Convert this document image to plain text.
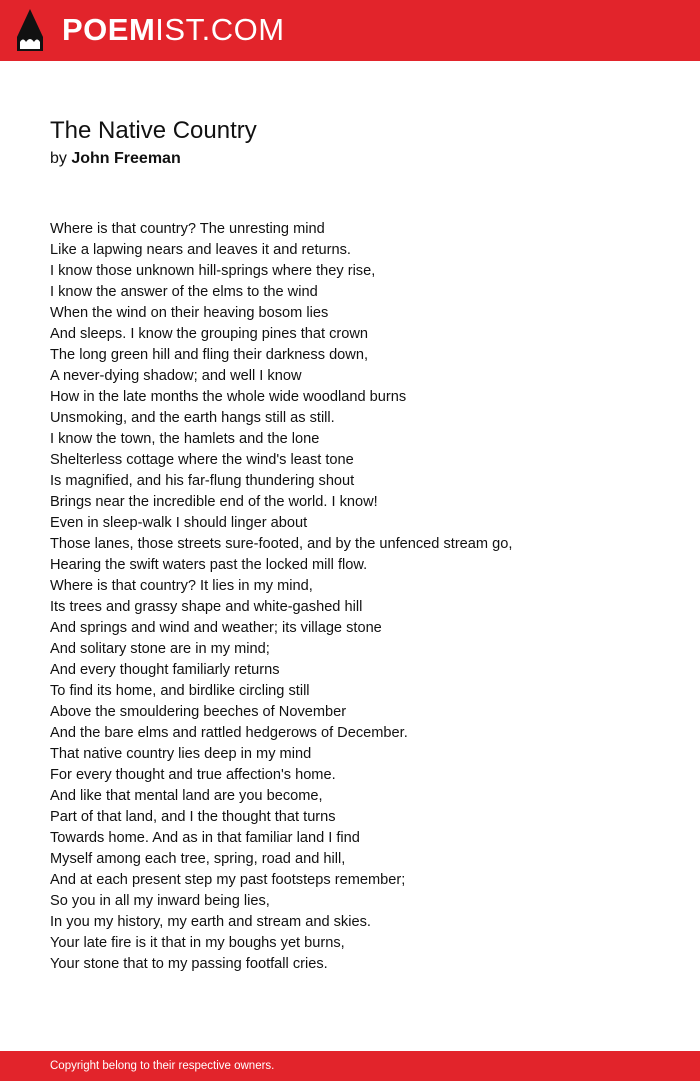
POEMIST.COM
The Native Country
by John Freeman
Where is that country? The unresting mind
Like a lapwing nears and leaves it and returns.
I know those unknown hill-springs where they rise,
I know the answer of the elms to the wind
When the wind on their heaving bosom lies
And sleeps. I know the grouping pines that crown
The long green hill and fling their darkness down,
A never-dying shadow; and well I know
How in the late months the whole wide woodland burns
Unsmoking, and the earth hangs still as still.
I know the town, the hamlets and the lone
Shelterless cottage where the wind's least tone
Is magnified, and his far-flung thundering shout
Brings near the incredible end of the world. I know!
Even in sleep-walk I should linger about
Those lanes, those streets sure-footed, and by the unfenced stream go,
Hearing the swift waters past the locked mill flow.
Where is that country? It lies in my mind,
Its trees and grassy shape and white-gashed hill
And springs and wind and weather; its village stone
And solitary stone are in my mind;
And every thought familiarly returns
To find its home, and birdlike circling still
Above the smouldering beeches of November
And the bare elms and rattled hedgerows of December.
That native country lies deep in my mind
For every thought and true affection's home.
And like that mental land are you become,
Part of that land, and I the thought that turns
Towards home. And as in that familiar land I find
Myself among each tree, spring, road and hill,
And at each present step my past footsteps remember;
So you in all my inward being lies,
In you my history, my earth and stream and skies.
Your late fire is it that in my boughs yet burns,
Your stone that to my passing footfall cries.
Copyright belong to their respective owners.
